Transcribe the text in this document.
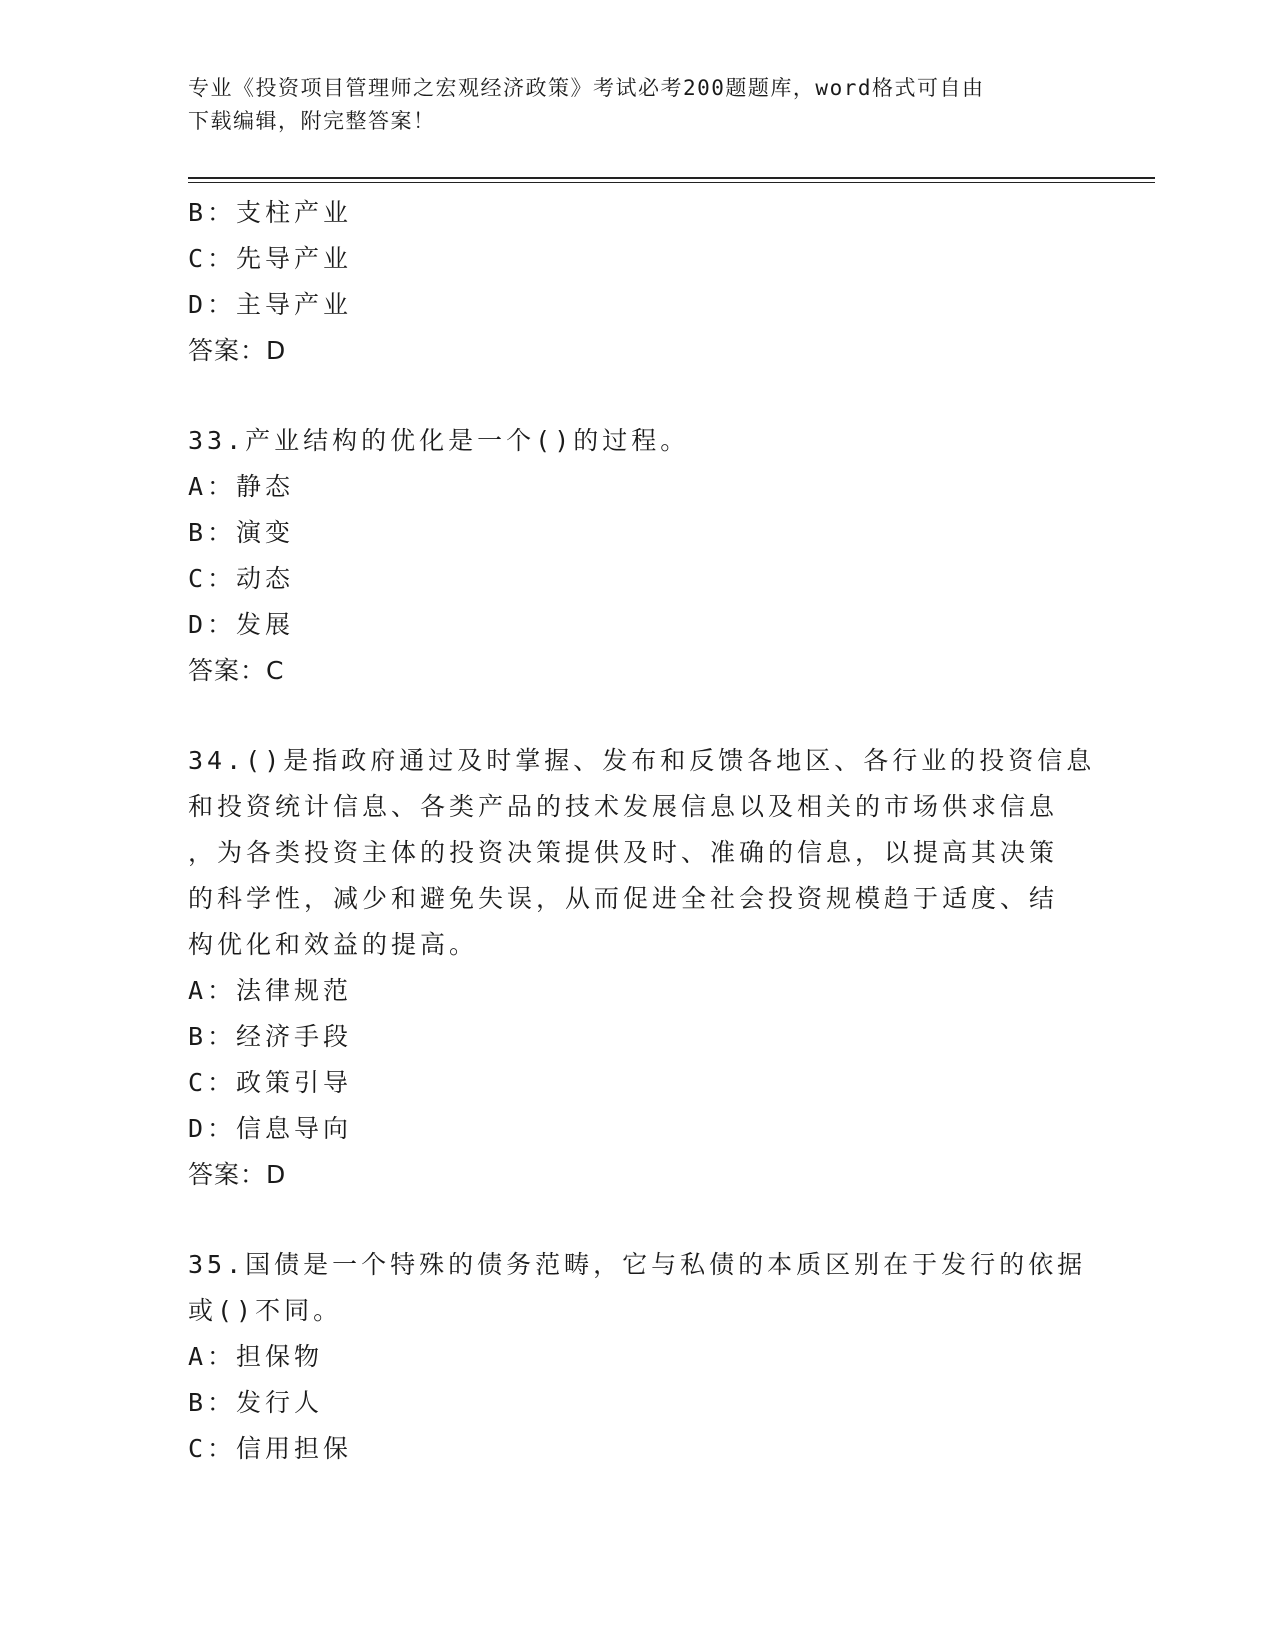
专业《投资项目管理师之宏观经济政策》考试必考200题题库，word格式可自由
下载编辑，附完整答案！
B：支柱产业
C：先导产业
D：主导产业
答案：D
33.产业结构的优化是一个()的过程。
A：静态
B：演变
C：动态
D：发展
答案：C
34.()是指政府通过及时掌握、发布和反馈各地区、各行业的投资信息
和投资统计信息、各类产品的技术发展信息以及相关的市场供求信息
，为各类投资主体的投资决策提供及时、准确的信息，以提高其决策
的科学性，减少和避免失误，从而促进全社会投资规模趋于适度、结
构优化和效益的提高。
A：法律规范
B：经济手段
C：政策引导
D：信息导向
答案：D
35.国债是一个特殊的债务范畴，它与私债的本质区别在于发行的依据
或()不同。
A：担保物
B：发行人
C：信用担保
